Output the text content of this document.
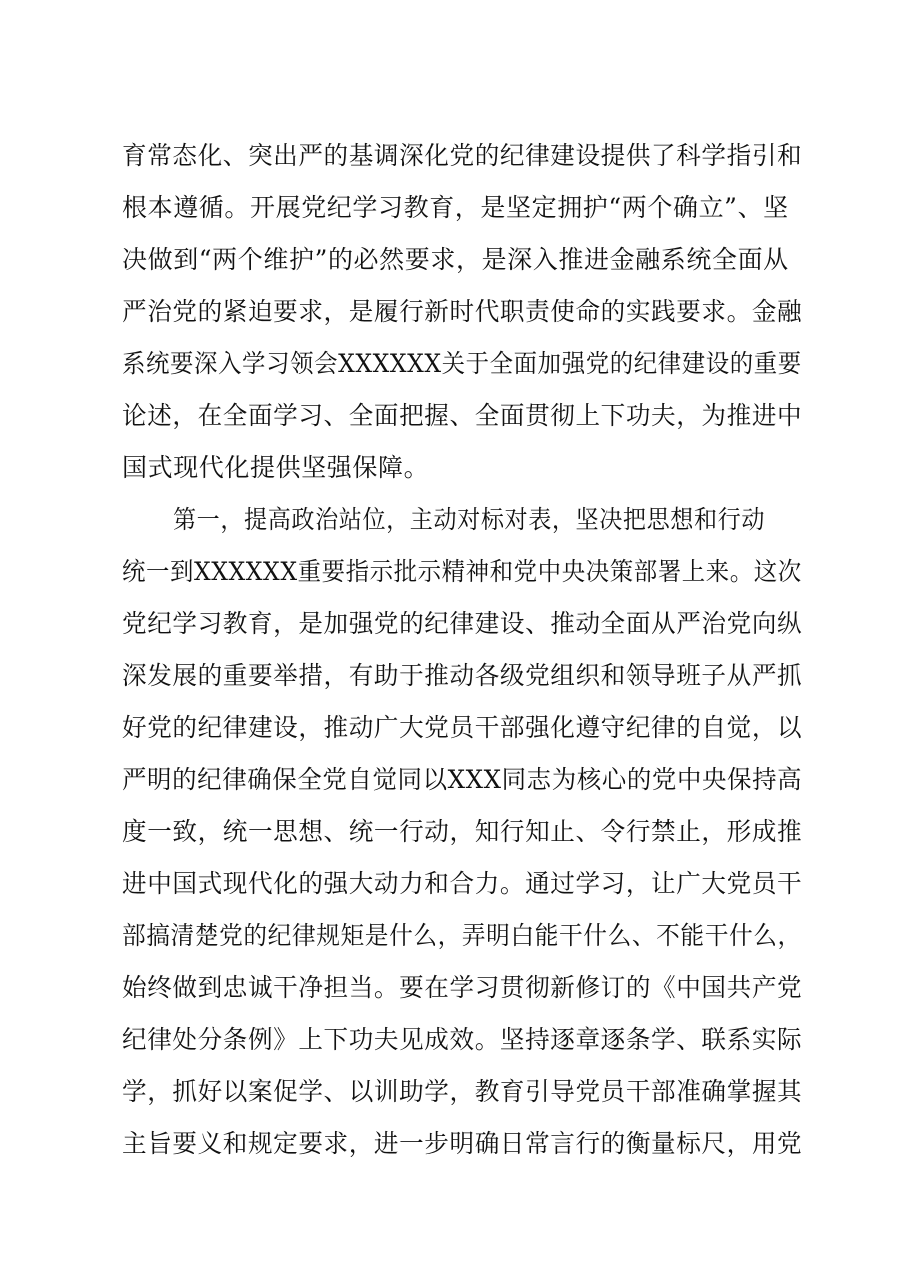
育常态化、突出严的基调深化党的纪律建设提供了科学指引和
根本遵循。开展党纪学习教育，是坚定拥护“两个确立”、坚
决做到“两个维护”的必然要求，是深入推进金融系统全面从
严治党的紧迫要求，是履行新时代职责使命的实践要求。金融
系统要深入学习领会XXXXXX关于全面加强党的纪律建设的重要
论述，在全面学习、全面把握、全面贯彻上下功夫，为推进中
国式现代化提供坚强保障。
第一，提高政治站位，主动对标对表，坚决把思想和行动
统一到XXXXXX重要指示批示精神和党中央决策部署上来。这次
党纪学习教育，是加强党的纪律建设、推动全面从严治党向纵
深发展的重要举措，有助于推动各级党组织和领导班子从严抓
好党的纪律建设，推动广大党员干部强化遵守纪律的自觉，以
严明的纪律确保全党自觉同以XXX同志为核心的党中央保持高
度一致，统一思想、统一行动，知行知止、令行禁止，形成推
进中国式现代化的强大动力和合力。通过学习，让广大党员干
部搞清楚党的纪律规矩是什么，弄明白能干什么、不能干什么，
始终做到忠诚干净担当。要在学习贯彻新修订的《中国共产党
纪律处分条例》上下功夫见成效。坚持逐章逐条学、联系实际
学，抓好以案促学、以训助学，教育引导党员干部准确掌握其
主旨要义和规定要求，进一步明确日常言行的衡量标尺，用党
